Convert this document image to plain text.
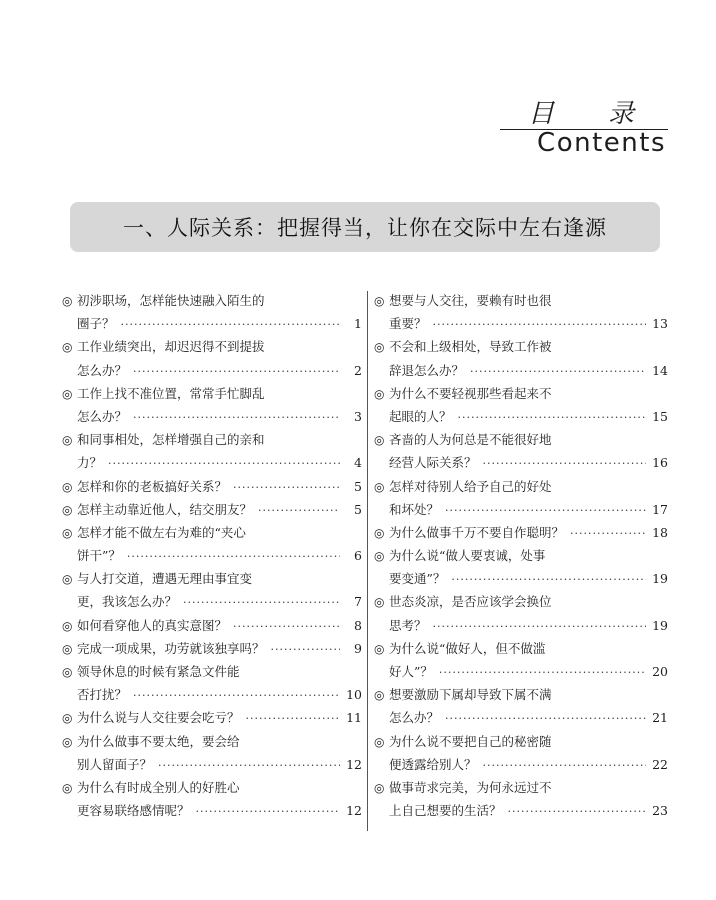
目录
Contents
一、人际关系：把握得当，让你在交际中左右逢源
◎ 初涉职场，怎样能快速融入陌生的
圈子？ ·····	1
◎ 工作业绩突出，却迟迟得不到提拔
怎么办？ ·····	2
◎ 工作上找不准位置，常常手忙脚乱
怎么办？ ·····	3
◎ 和同事相处，怎样增强自己的亲和
力？ ·····	4
◎ 怎样和你的老板搞好关系？ ·····	5
◎ 怎样主动靠近他人，结交朋友？ ·····	5
◎ 怎样才能不做左右为难的“夹心
饼干”？ ·····	6
◎ 与人打交道，遭遇无理由事宜变
更，我该怎么办？ ·····	7
◎ 如何看穿他人的真实意图？ ·····	8
◎ 完成一项成果，功劳就该独享吗？ ·····	9
◎ 领导休息的时候有紧急文件能
否打扰？ ·····	10
◎ 为什么说与人交往要会吃亏？ ·····	11
◎ 为什么做事不要太绝，要会给
别人留面子？ ·····	12
◎ 为什么有时成全别人的好胜心
更容易联络感情呢？ ·····	12
◎ 想要与人交往，要赖有时也很
重要？ ·····	13
◎ 不会和上级相处，导致工作被
辞退怎么办？ ·····	14
◎ 为什么不要轻视那些看起来不
起眼的人？ ·····	15
◎ 吝啬的人为何总是不能很好地
经营人际关系？ ·····	16
◎ 怎样对待别人给予自己的好处
和坏处？ ·····	17
◎ 为什么做事千万不要自作聪明？ ·····	18
◎ 为什么说“做人要衷诚，处事
要变通”？ ·····	19
◎ 世态炎凉，是否应该学会换位
思考？ ·····	19
◎ 为什么说“做好人，但不做滥
好人”？ ·····	20
◎ 想要激励下属却导致下属不满
怎么办？ ·····	21
◎ 为什么说不要把自己的秘密随
便透露给别人？ ·····	22
◎ 做事苛求完美，为何永远过不
上自己想要的生活？ ·····	23
